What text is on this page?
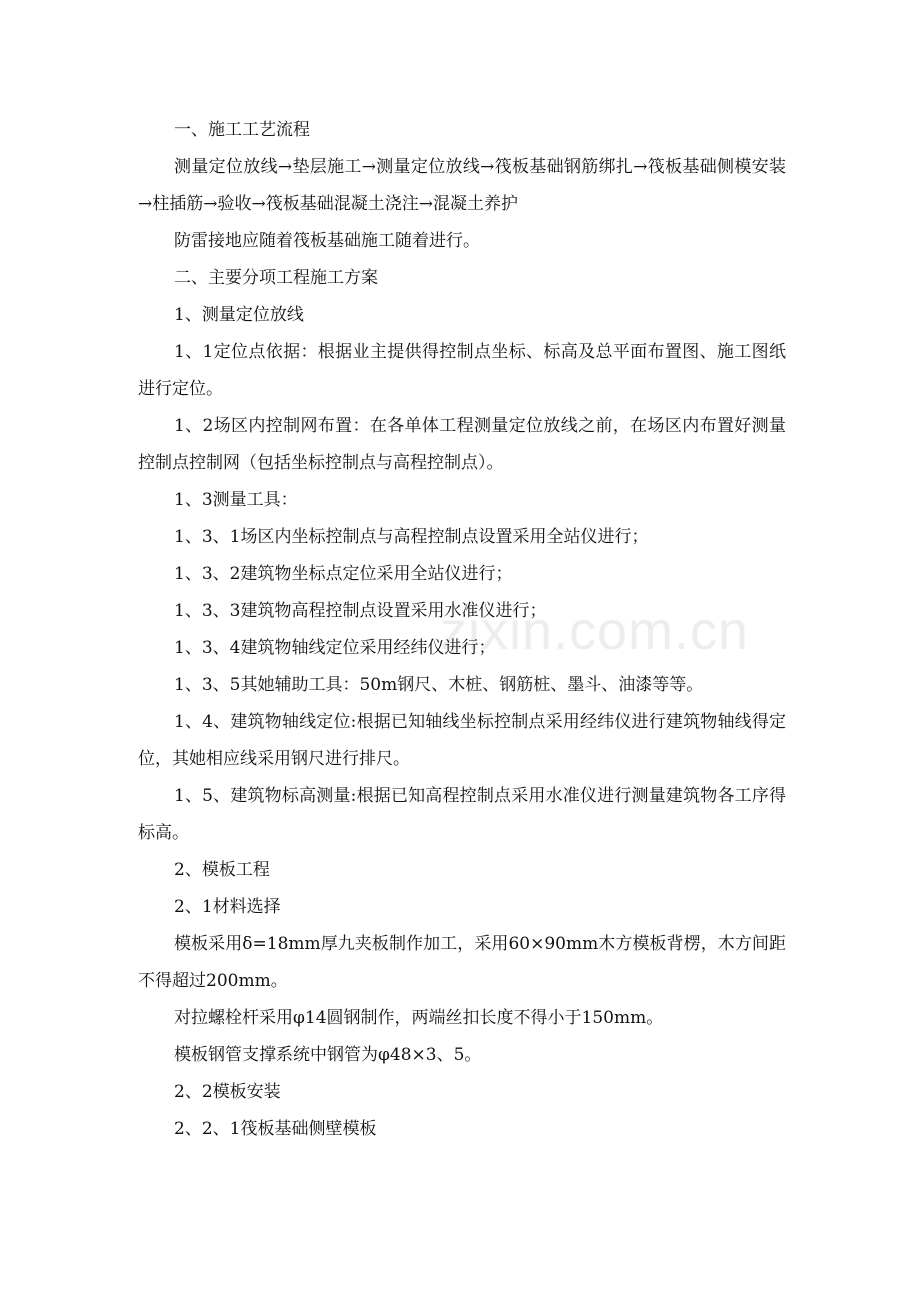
zixin.com.cn

一、施工工艺流程

测量定位放线→垫层施工→测量定位放线→筏板基础钢筋绑扎→筏板基础侧模安装→柱插筋→验收→筏板基础混凝土浇注→混凝土养护

防雷接地应随着筏板基础施工随着进行。

二、主要分项工程施工方案

1、测量定位放线

1、1定位点依据：根据业主提供得控制点坐标、标高及总平面布置图、施工图纸进行定位。

1、2场区内控制网布置：在各单体工程测量定位放线之前，在场区内布置好测量控制点控制网（包括坐标控制点与高程控制点）。

1、3测量工具：

1、3、1场区内坐标控制点与高程控制点设置采用全站仪进行；

1、3、2建筑物坐标点定位采用全站仪进行；

1、3、3建筑物高程控制点设置采用水准仪进行；

1、3、4建筑物轴线定位采用经纬仪进行；

1、3、5其她辅助工具：50m钢尺、木桩、钢筋桩、墨斗、油漆等等。

1、4、建筑物轴线定位:根据已知轴线坐标控制点采用经纬仪进行建筑物轴线得定位，其她相应线采用钢尺进行排尺。

1、5、建筑物标高测量:根据已知高程控制点采用水准仪进行测量建筑物各工序得标高。

2、模板工程

2、1材料选择

模板采用δ=18mm厚九夹板制作加工，采用60×90mm木方模板背楞，木方间距不得超过200mm。

对拉螺栓杆采用φ14圆钢制作，两端丝扣长度不得小于150mm。

模板钢管支撑系统中钢管为φ48×3、5。

2、2模板安装

2、2、1筏板基础侧壁模板
